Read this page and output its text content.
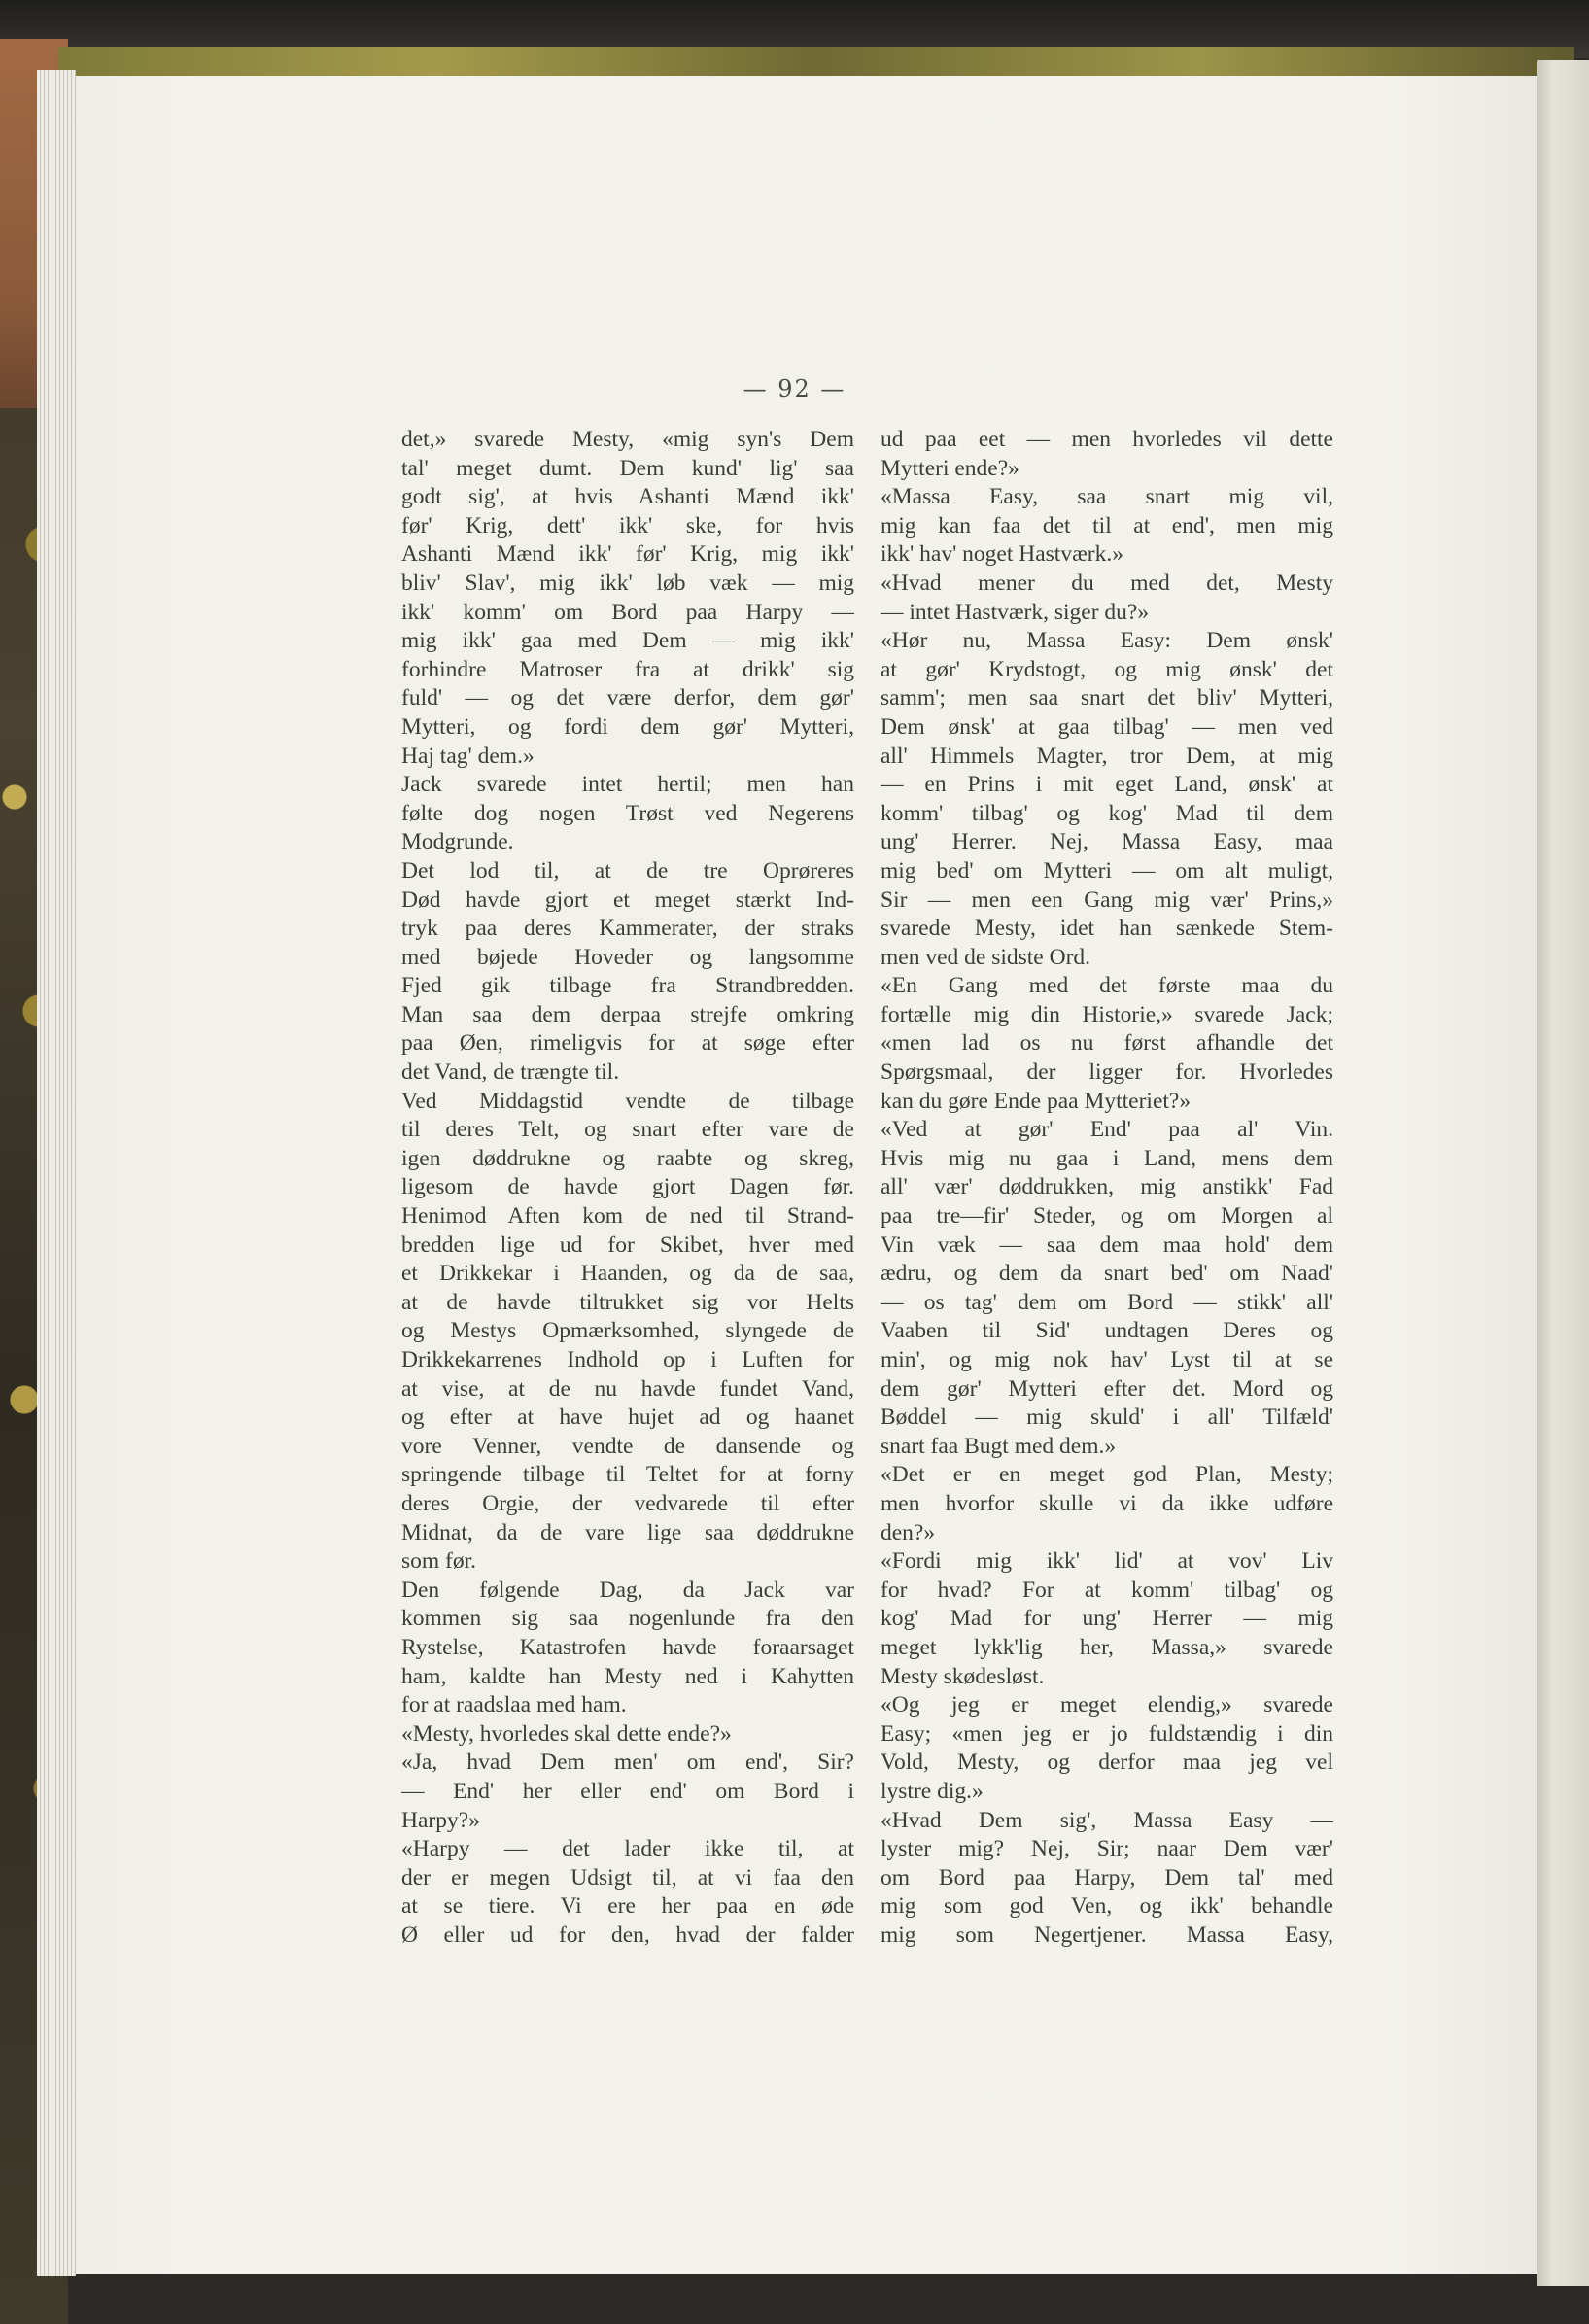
— 92 —
det,» svarede Mesty, «mig syn's Dem
tal' meget dumt. Dem kund' lig' saa
godt sig', at hvis Ashanti Mænd ikk'
før' Krig, dett' ikk' ske, for hvis
Ashanti Mænd ikk' før' Krig, mig ikk'
bliv' Slav', mig ikk' løb væk — mig
ikk' komm' om Bord paa Harpy —
mig ikk' gaa med Dem — mig ikk'
forhindre Matroser fra at drikk' sig
fuld' — og det være derfor, dem gør'
Mytteri, og fordi dem gør' Mytteri,
Haj tag' dem.»
Jack svarede intet hertil; men han
følte dog nogen Trøst ved Negerens
Modgrunde.
Det lod til, at de tre Oprøreres
Død havde gjort et meget stærkt Ind-
tryk paa deres Kammerater, der straks
med bøjede Hoveder og langsomme
Fjed gik tilbage fra Strandbredden.
Man saa dem derpaa strejfe omkring
paa Øen, rimeligvis for at søge efter
det Vand, de trængte til.
Ved Middagstid vendte de tilbage
til deres Telt, og snart efter vare de
igen døddrukne og raabte og skreg,
ligesom de havde gjort Dagen før.
Henimod Aften kom de ned til Strand-
bredden lige ud for Skibet, hver med
et Drikkekar i Haanden, og da de saa,
at de havde tiltrukket sig vor Helts
og Mestys Opmærksomhed, slyngede de
Drikkekarrenes Indhold op i Luften for
at vise, at de nu havde fundet Vand,
og efter at have hujet ad og haanet
vore Venner, vendte de dansende og
springende tilbage til Teltet for at forny
deres Orgie, der vedvarede til efter
Midnat, da de vare lige saa døddrukne
som før.
Den følgende Dag, da Jack var
kommen sig saa nogenlunde fra den
Rystelse, Katastrofen havde foraarsaget
ham, kaldte han Mesty ned i Kahytten
for at raadslaa med ham.
«Mesty, hvorledes skal dette ende?»
«Ja, hvad Dem men' om end', Sir?
— End' her eller end' om Bord i
Harpy?»
«Harpy — det lader ikke til, at
der er megen Udsigt til, at vi faa den
at se tiere. Vi ere her paa en øde
Ø eller ud for den, hvad der falder
ud paa eet — men hvorledes vil dette
Mytteri ende?»
«Massa Easy, saa snart mig vil,
mig kan faa det til at end', men mig
ikk' hav' noget Hastværk.»
«Hvad mener du med det, Mesty
— intet Hastværk, siger du?»
«Hør nu, Massa Easy: Dem ønsk'
at gør' Krydstogt, og mig ønsk' det
samm'; men saa snart det bliv' Mytteri,
Dem ønsk' at gaa tilbag' — men ved
all' Himmels Magter, tror Dem, at mig
— en Prins i mit eget Land, ønsk' at
komm' tilbag' og kog' Mad til dem
ung' Herrer. Nej, Massa Easy, maa
mig bed' om Mytteri — om alt muligt,
Sir — men een Gang mig vær' Prins,»
svarede Mesty, idet han sænkede Stem-
men ved de sidste Ord.
«En Gang med det første maa du
fortælle mig din Historie,» svarede Jack;
«men lad os nu først afhandle det
Spørgsmaal, der ligger for. Hvorledes
kan du gøre Ende paa Mytteriet?»
«Ved at gør' End' paa al' Vin.
Hvis mig nu gaa i Land, mens dem
all' vær' døddrukken, mig anstikk' Fad
paa tre—fir' Steder, og om Morgen al
Vin væk — saa dem maa hold' dem
ædru, og dem da snart bed' om Naad'
— os tag' dem om Bord — stikk' all'
Vaaben til Sid' undtagen Deres og
min', og mig nok hav' Lyst til at se
dem gør' Mytteri efter det. Mord og
Bøddel — mig skuld' i all' Tilfæld'
snart faa Bugt med dem.»
«Det er en meget god Plan, Mesty;
men hvorfor skulle vi da ikke udføre
den?»
«Fordi mig ikk' lid' at vov' Liv
for hvad? For at komm' tilbag' og
kog' Mad for ung' Herrer — mig
meget lykk'lig her, Massa,» svarede
Mesty skødesløst.
«Og jeg er meget elendig,» svarede
Easy; «men jeg er jo fuldstændig i din
Vold, Mesty, og derfor maa jeg vel
lystre dig.»
«Hvad Dem sig', Massa Easy —
lyster mig? Nej, Sir; naar Dem vær'
om Bord paa Harpy, Dem tal' med
mig som god Ven, og ikk' behandle
mig som Negertjener. Massa Easy,
